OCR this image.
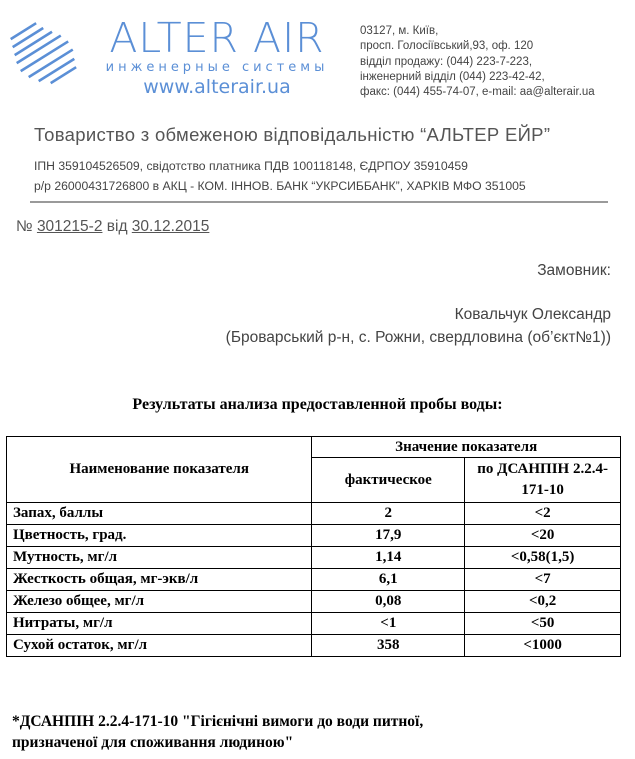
ALTER AIR
инженерные системы
www.alterair.ua
03127, м. Київ,
просп. Голосіївський,93, оф. 120
відділ продажу: (044) 223-7-223,
інженерний відділ (044) 223-42-42,
факс: (044) 455-74-07, e-mail: aa@alterair.ua
Товариство з обмеженою відповідальністю “АЛЬТЕР ЕЙР”
ІПН 359104526509, свідотство платника ПДВ 100118148, ЄДРПОУ 35910459
р/р 26000431726800 в АКЦ - КОМ. ІННОВ. БАНК “УКРСИББАНК”, ХАРКІВ МФО 351005
№ 301215-2 від 30.12.2015
Замовник:
Ковальчук Олександр
(Броварський р-н, с. Рожни, свердловина (об’єкт№1))
Результаты анализа предоставленной пробы воды:
Наименование показателя	Значение показателя	
	фактическое	по ДСАНПІН 2.2.4-171-10
Запах, баллы	2	<2
Цветность, град.	17,9	<20
Мутность, мг/л	1,14	<0,58(1,5)
Жесткость общая, мг-экв/л	6,1	<7
Железо общее, мг/л	0,08	<0,2
Нитраты, мг/л	<1	<50
Сухой остаток, мг/л	358	<1000
*ДСАНПІН 2.2.4-171-10 "Гігієнічні вимоги до води питної,
призначеної для споживання людиною"
